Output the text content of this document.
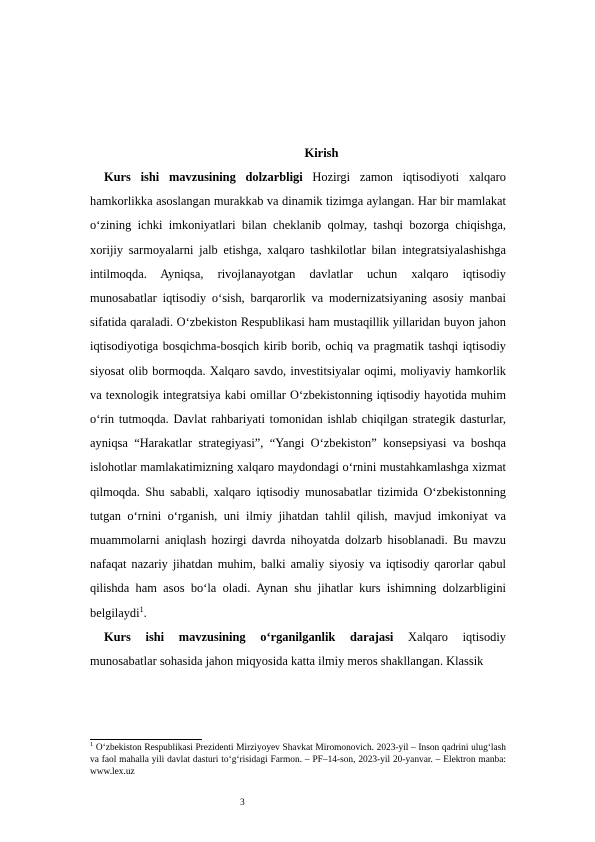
Kirish

Kurs ishi mavzusining dolzarbligi Hozirgi zamon iqtisodiyoti xalqaro hamkorlikka asoslangan murakkab va dinamik tizimga aylangan. Har bir mamlakat o‘zining ichki imkoniyatlari bilan cheklanib qolmay, tashqi bozorga chiqishga, xorijiy sarmoyalarni jalb etishga, xalqaro tashkilotlar bilan integratsiyalashishga intilmoqda. Ayniqsa, rivojlanayotgan davlatlar uchun xalqaro iqtisodiy munosabatlar iqtisodiy o‘sish, barqarorlik va modernizatsiyaning asosiy manbai sifatida qaraladi. O‘zbekiston Respublikasi ham mustaqillik yillaridan buyon jahon iqtisodiyotiga bosqichma-bosqich kirib borib, ochiq va pragmatik tashqi iqtisodiy siyosat olib bormoqda. Xalqaro savdo, investitsiyalar oqimi, moliyaviy hamkorlik va texnologik integratsiya kabi omillar O‘zbekistonning iqtisodiy hayotida muhim o‘rin tutmoqda. Davlat rahbariyati tomonidan ishlab chiqilgan strategik dasturlar, ayniqsa “Harakatlar strategiyasi”, “Yangi O‘zbekiston” konsepsiyasi va boshqa islohotlar mamlakatimizning xalqaro maydondagi o‘rnini mustahkamlashga xizmat qilmoqda. Shu sababli, xalqaro iqtisodiy munosabatlar tizimida O‘zbekistonning tutgan o‘rnini o‘rganish, uni ilmiy jihatdan tahlil qilish, mavjud imkoniyat va muammolarni aniqlash hozirgi davrda nihoyatda dolzarb hisoblanadi. Bu mavzu nafaqat nazariy jihatdan muhim, balki amaliy siyosiy va iqtisodiy qarorlar qabul qilishda ham asos bo‘la oladi. Aynan shu jihatlar kurs ishimning dolzarbligini belgilaydi$^1$.

Kurs ishi mavzusining o‘rganilganlik darajasi Xalqaro iqtisodiy munosabatlar sohasida jahon miqyosida katta ilmiy meros shakllangan. Klassik

$^1$ O‘zbekiston Respublikasi Prezidenti Mirziyoyev Shavkat Miromonovich. 2023-yil – Inson qadrini ulug‘lash va faol mahalla yili davlat dasturi to‘g‘risidagi Farmon. – PF–14-son, 2023-yil 20-yanvar. – Elektron manba: www.lex.uz
3
